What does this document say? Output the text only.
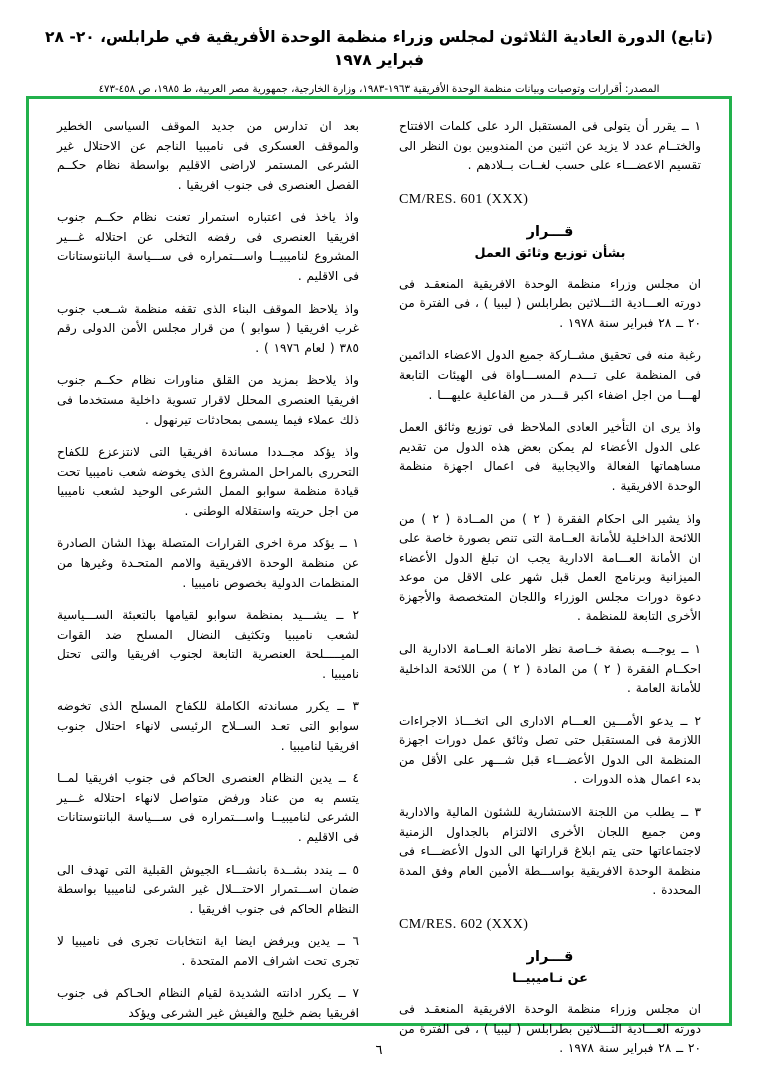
(تابع) الدورة العادية الثلاثون لمجلس وزراء منظمة الوحدة الأفريقية في طرابلس، ٢٠- ٢٨ فبراير ١٩٧٨
المصدر: أقرارات وتوصيات وبيانات منظمة الوحدة الأفريقية ١٩٦٣-١٩٨٣، وزارة الخارجية، جمهورية مصر العربية، ط ١٩٨٥، ص ٤٥٨-٤٧٣

١ ــ يقرر أن يتولى فى المستقبل الرد على كلمات الافتتاح والختــام عدد لا يزيد عن اثنين من المندوبين بون النظر الى تقسيم الاعضـــاء على حسب لغــات بــلادهم .

CM/RES. 601 (XXX)
قـــرار
بشأن توزيع وثائق العمل

ان مجلس وزراء منظمة الوحدة الافريقية المنعقـد فى دورته العـــادية الثـــلاثين بطرابلس ( ليبيا ) ، فى الفترة من ٢٠ ــ ٢٨ فبراير سنة ١٩٧٨ .

رغبة منه فى تحقيق مشــاركة جميع الدول الاعضاء الدائمين فى المنظمة على تـــدم المســـاواة فى الهيئات التابعة لهـــا من اجل اضفاء اكبر قـــدر من الفاعلية عليهـــا .

واذ يرى ان التأخير العادى الملاحظ فى توزيع وثائق العمل على الدول الأعضاء لم يمكن بعض هذه الدول من تقديم مساهماتها الفعالة والايجابية فى اعمال اجهزة منظمة الوحدة الافريقية .

واذ يشير الى احكام الفقرة ( ٢ ) من المــادة ( ٢ ) من اللائحة الداخلية للأمانة العــامة التى تنص بصورة خاصة على ان الأمانة العـــامة الادارية يجب ان تبلغ الدول الأعضاء الميزانية وبرنامج العمل قبل شهر على الاقل من موعد دعوة دورات مجلس الوزراء واللجان المتخصصة والأجهزة الأخرى التابعة للمنظمة .

١ ــ يوجـــه بصفة خــاصة نظر الامانة العــامة الادارية الى احكــام الفقرة ( ٢ ) من المادة ( ٢ ) من اللائحة الداخلية للأمانة العامة .

٢ ــ يدعو الأمـــين العـــام الادارى الى اتخـــاذ الاجراءات اللازمة فى المستقبل حتى تصل وثائق عمل دورات اجهزة المنظمة الى الدول الأعضـــاء قبل شـــهر على الأقل من بدء اعمال هذه الدورات .

٣ ــ يطلب من اللجنة الاستشارية للشئون المالية والادارية ومن جميع اللجان الأخرى الالتزام بالجداول الزمنية لاجتماعاتها حتى يتم ابلاغ قراراتها الى الدول الأعضـــاء فى منظمة الوحدة الافريقية بواســـطة الأمين العام وفق المدة المحددة .

CM/RES. 602 (XXX)
قـــرار
عن نـاميبيــا

ان مجلس وزراء منظمة الوحدة الافريقية المنعقـد فى دورته العـــادية الثـــلاثين بطرابلس ( ليبيا ) ، فى الفترة من ٢٠ ــ ٢٨ فبراير سنة ١٩٧٨ .

بعد ان تدارس من جديد الموقف السياسى الخطير والموقف العسكرى فى ناميبيا الناجم عن الاحتلال غير الشرعى المستمر لاراضى الاقليم بواسطة نظام حكــم الفصل العنصرى فى جنوب افريقيا .

واذ ياخذ فى اعتباره استمرار تعنت نظام حكــم جنوب افريقيا العنصرى فى رفضه التخلى عن احتلاله غـــير المشروع لناميبيــا واســـتمراره فى ســـياسة البانتوستانات فى الاقليم .

واذ يلاحظ الموقف البناء الذى تقفه منظمة شــعب جنوب غرب افريقيا ( سوابو ) من قرار مجلس الأمن الدولى رقم ٣٨٥ ( لعام ١٩٧٦ ) .

واذ يلاحظ بمزيد من القلق مناورات نظام حكــم جنوب افريقيا العنصرى المحلل لاقرار تسوية داخلية مستخدما فى ذلك عملاء فيما يسمى بمحادثات تيرنهول .

واذ يؤكد مجــددا مساندة افريقيا التى لانتزعزع للكفاح التحررى بالمراحل المشروع الذى يخوضه شعب ناميبيا تحت قيادة منظمة سوابو الممل الشرعى الوحيد لشعب ناميبيا من اجل حريته واستقلاله الوطنى .

١ ــ يؤكد مرة اخرى القرارات المتصلة بهذا الشان الصادرة عن منظمة الوحدة الافريقية والامم المتحـدة وغيرها من المنظمات الدولية بخصوص ناميبيا .

٢ ــ يشـــيد بمنظمة سوابو لقيامها بالتعبئة الســـياسية لشعب ناميبيا وتكثيف النضال المسلح ضد القوات الميـــــلحة العنصرية التابعة لجنوب افريقيا والتى تحتل ناميبيا .

٣ ــ يكرر مساندته الكاملة للكفاح المسلح الذى تخوضه سوابو التى تعـد الســلاح الرئيسى لانهاء احتلال جنوب افريقيا لناميبيا .

٤ ــ يدين النظام العنصرى الحاكم فى جنوب افريقيا لمــا يتسم به من عناد ورفض متواصل لانهاء احتلاله غـــير الشرعى لناميبيــا واســـتمراره فى ســـياسة البانتوستانات فى الاقليم .

٥ ــ يندد بشــدة بانشـــاء الجيوش القبلية التى تهدف الى ضمان اســـتمرار الاحتـــلال غير الشرعى لناميبيا بواسطة النظام الحاكم فى جنوب افريقيا .

٦ ــ يدين ويرفض ايضا اية انتخابات تجرى فى ناميبيا لا تجرى تحت اشراف الامم المتحدة .

٧ ــ يكرر ادانته الشديدة لقيام النظام الحـاكم فى جنوب افريقيا بضم خليج والفيش غير الشرعى ويؤكد

٦
